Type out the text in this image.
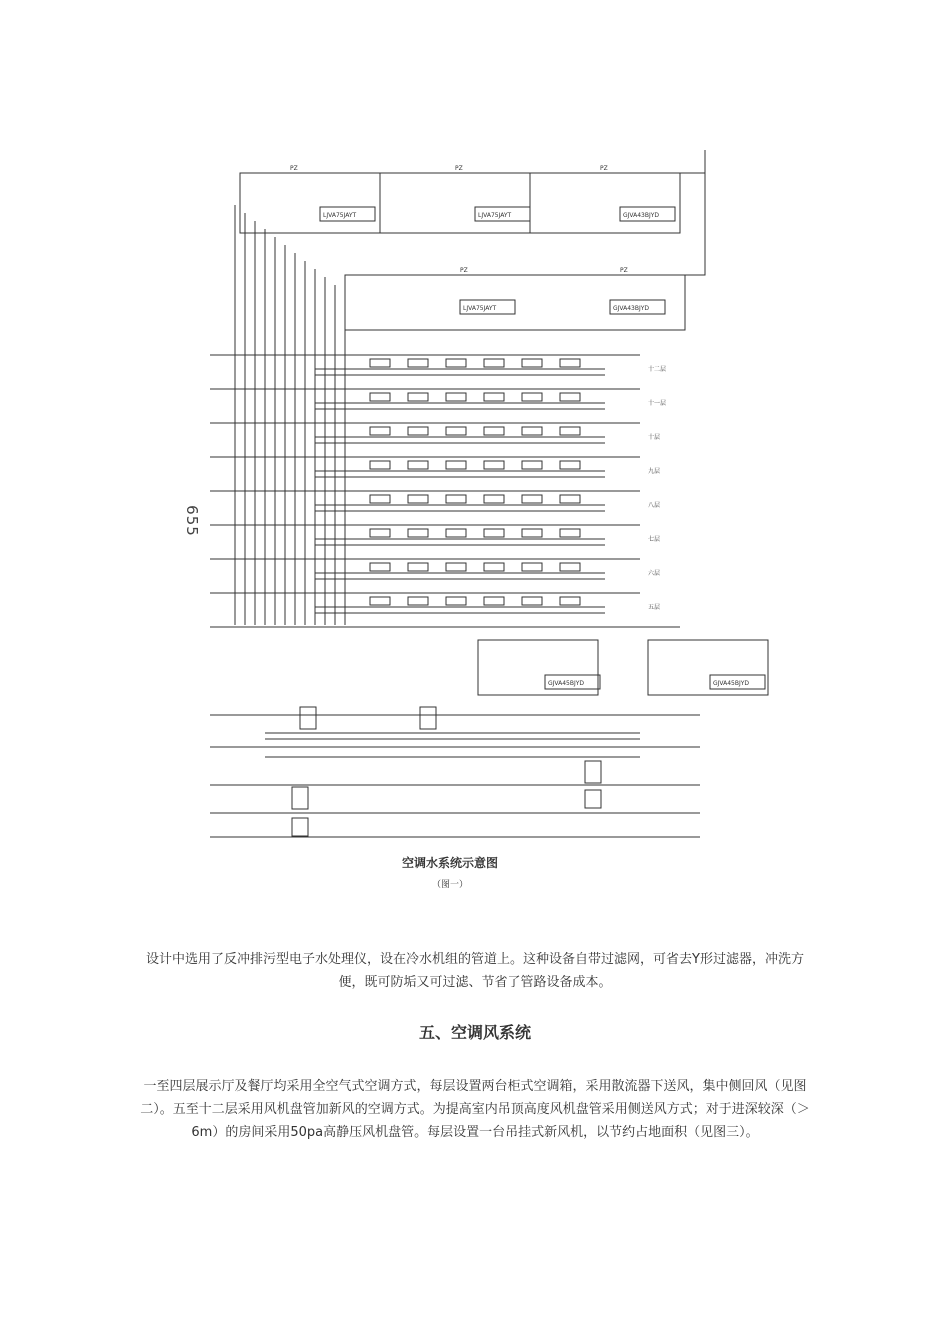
PZ	PZ	PZ
PZ	PZ
LJVA75JAYT	LJVA75JAYT	GJVA43BJYD
LJVA75JAYT	GJVA43BJYD
GJVA45BJYD	GJVA45BJYD
十二层
十一层
十层
九层
八层
七层
六层
五层
空调水系统示意图
（图一）
655
设计中选用了反冲排污型电子水处理仪，设在冷水机组的管道上。这种设备自带过滤网，可省去Y形过滤器，冲洗方便，既可防垢又可过滤、节省了管路设备成本。
五、空调风系统
一至四层展示厅及餐厅均采用全空气式空调方式，每层设置两台柜式空调箱，采用散流器下送风，集中侧回风（见图二）。五至十二层采用风机盘管加新风的空调方式。为提高室内吊顶高度风机盘管采用侧送风方式；对于进深较深（＞6m）的房间采用50pa高静压风机盘管。每层设置一台吊挂式新风机，以节约占地面积（见图三）。
